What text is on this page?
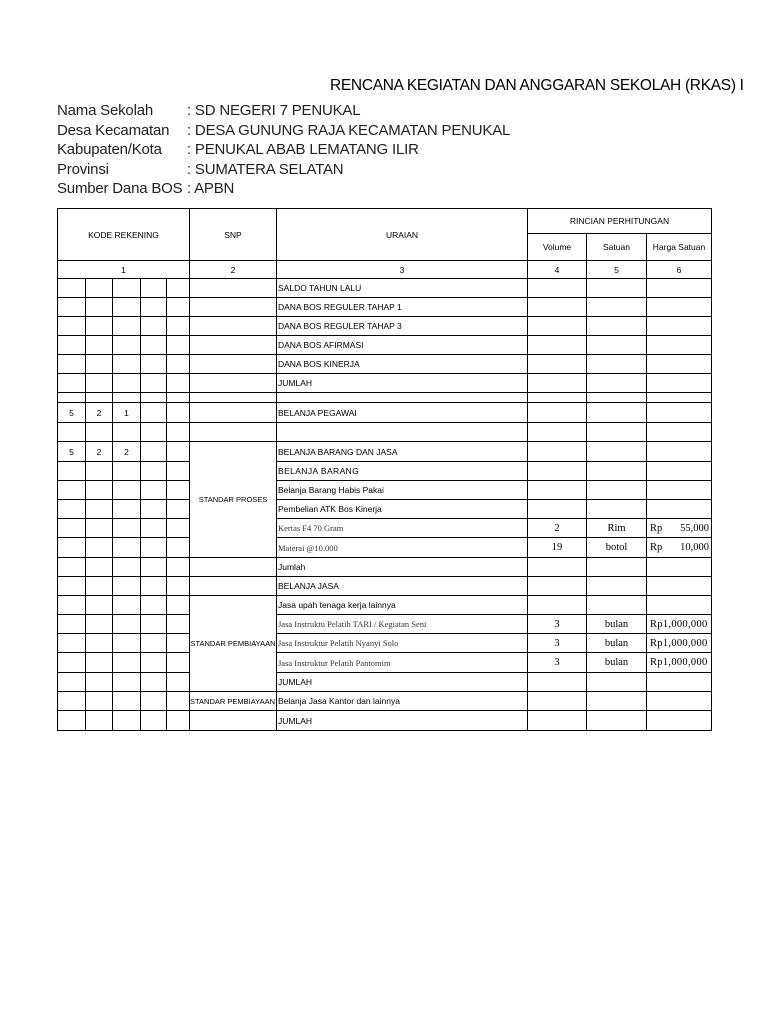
RENCANA KEGIATAN DAN ANGGARAN SEKOLAH (RKAS) I
Nama Sekolah	: SD NEGERI 7 PENUKAL
Desa Kecamatan	: DESA GUNUNG RAJA KECAMATAN PENUKAL
Kabupaten/Kota	: PENUKAL ABAB LEMATANG ILIR
Provinsi	: SUMATERA SELATAN
Sumber Dana BOS : APBN
KODE REKENING					SNP	URAIAN	RINCIAN PERHITUNGAN		
							Volume	Satuan	Harga Satuan
1					2	3	4	5	6
						SALDO TAHUN LALU			
						DANA BOS REGULER TAHAP 1			
						DANA BOS REGULER TAHAP 3			
						DANA BOS AFIRMASI			
						DANA BOS KINERJA			
						JUMLAH			

5	2	1				BELANJA PEGAWAI			

5	2	2			STANDAR PROSES	BELANJA BARANG DAN JASA			
						BELANJA BARANG			
						Belanja Barang Habis Pakai			
						Pembelian ATK Bos Kinerja			
						Kertas F4 70 Gram	2	Rim	Rp 55,000

						Materai @10.000	19	botol	Rp 10,000

						Jumlah			
						BELANJA JASA			
					STANDAR PEMBIAYAAN	Jasa upah tenaga kerja lainnya			
						Jasa Instruktu Pelatih TARI / Kegiatan Seni	3	bulan	Rp1,000,000
						Jasa Instruktur Pelatih Nyanyi Solo	3	bulan	Rp1,000,000
						Jasa Instruktur Pelatih Pantomim	3	bulan	Rp1,000,000
						JUMLAH			
					STANDAR PEMBIAYAAN	Belanja Jasa Kantor dan lainnya			
						JUMLAH			
